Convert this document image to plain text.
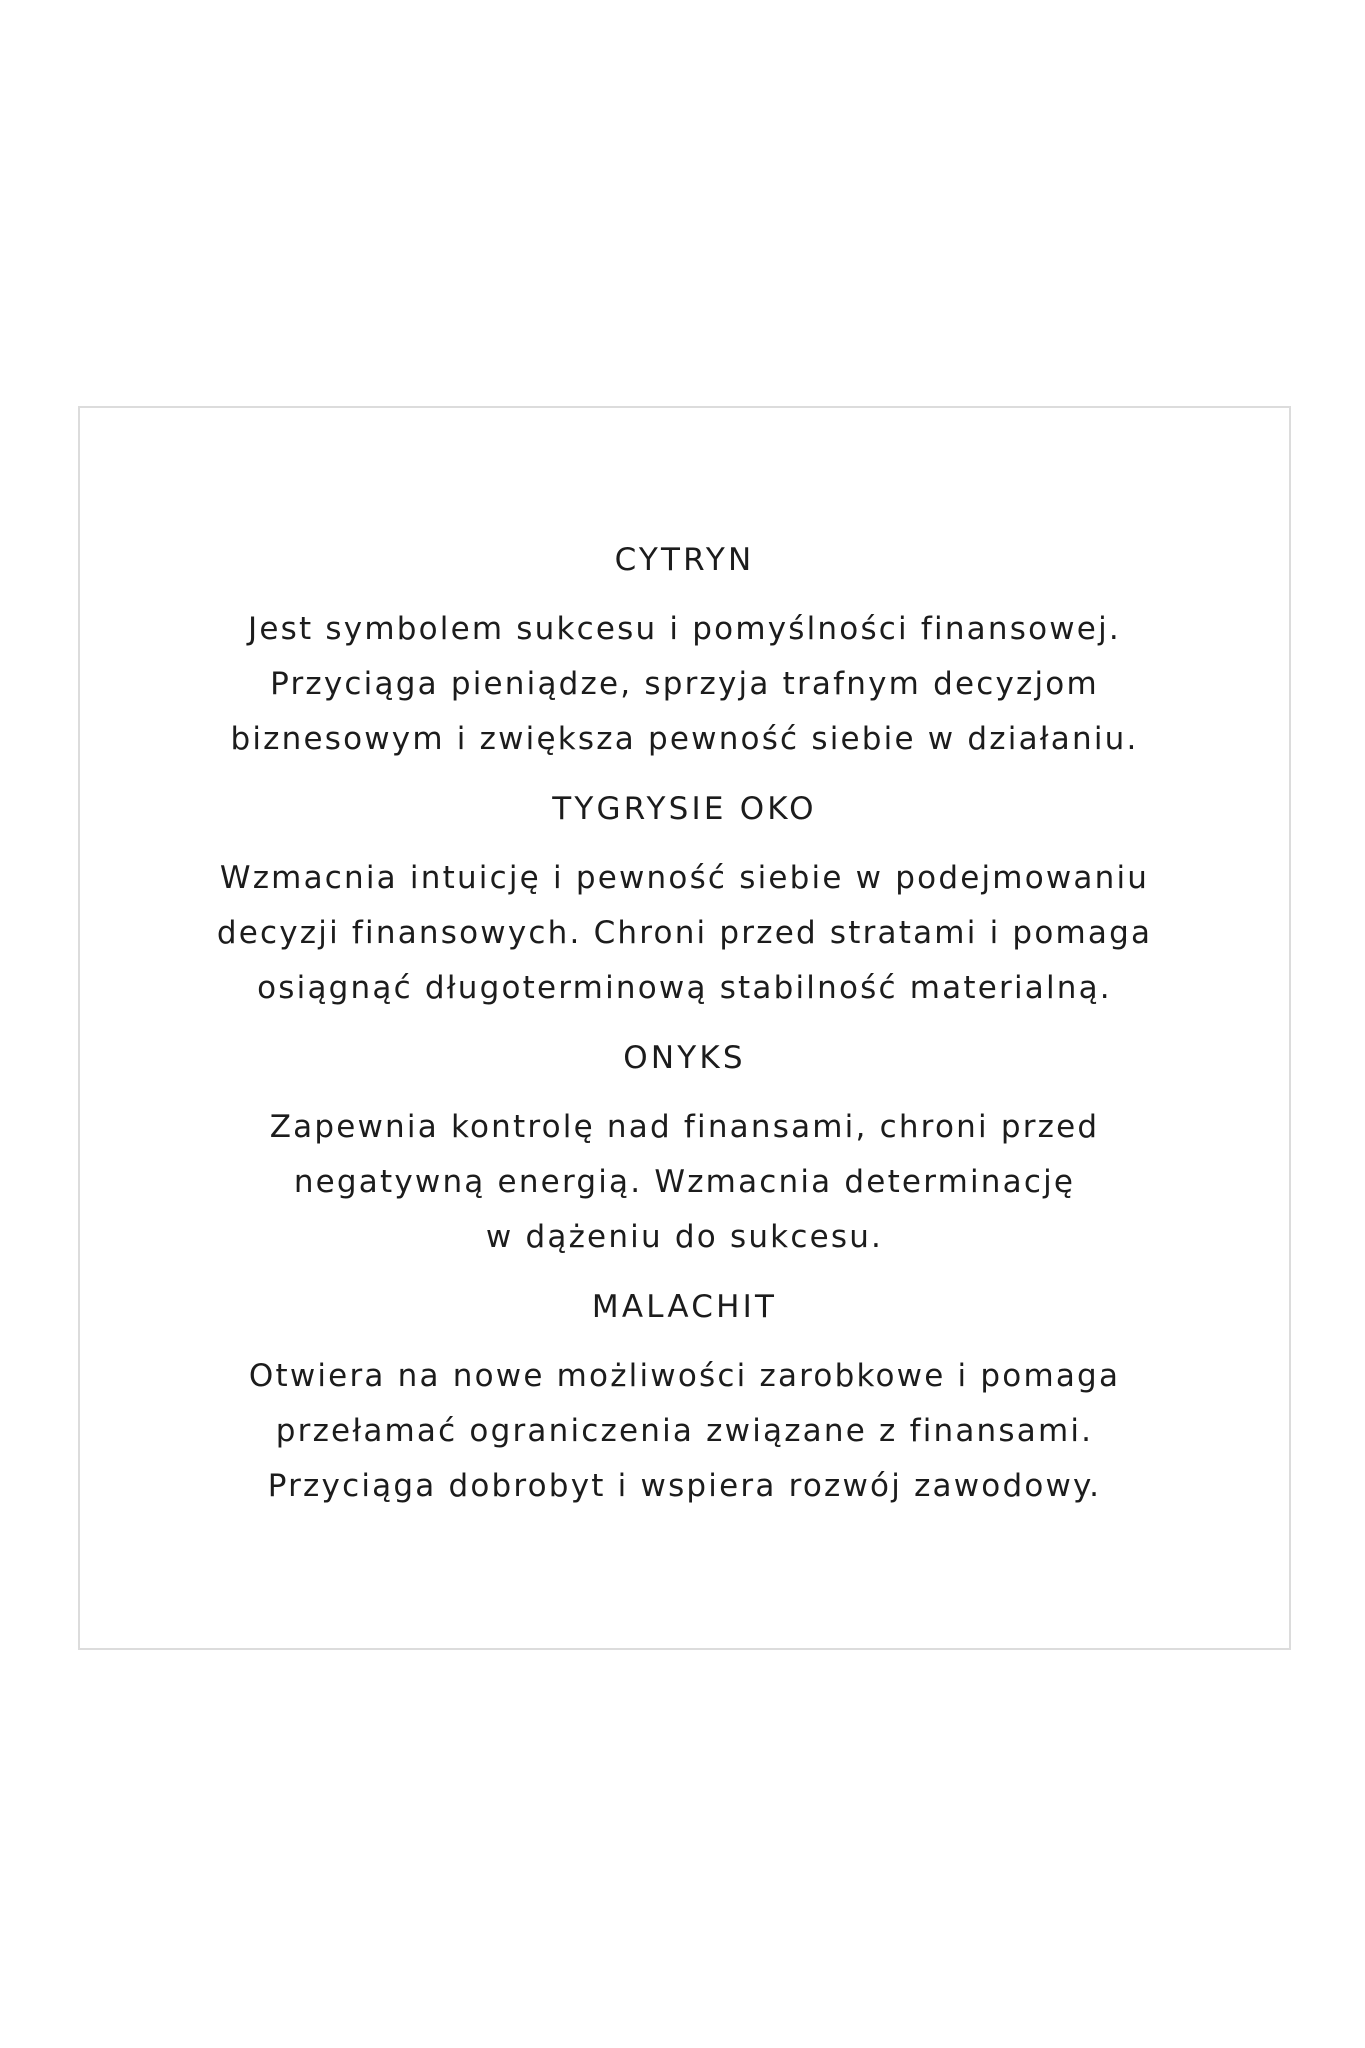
CYTRYN

Jest symbolem sukcesu i pomyślności finansowej.
Przyciąga pieniądze, sprzyja trafnym decyzjom
biznesowym i zwiększa pewność siebie w działaniu.

TYGRYSIE OKO

Wzmacnia intuicję i pewność siebie w podejmowaniu
decyzji finansowych. Chroni przed stratami i pomaga
osiągnąć długoterminową stabilność materialną.

ONYKS

Zapewnia kontrolę nad finansami, chroni przed
negatywną energią. Wzmacnia determinację
w dążeniu do sukcesu.

MALACHIT

Otwiera na nowe możliwości zarobkowe i pomaga
przełamać ograniczenia związane z finansami.
Przyciąga dobrobyt i wspiera rozwój zawodowy.
